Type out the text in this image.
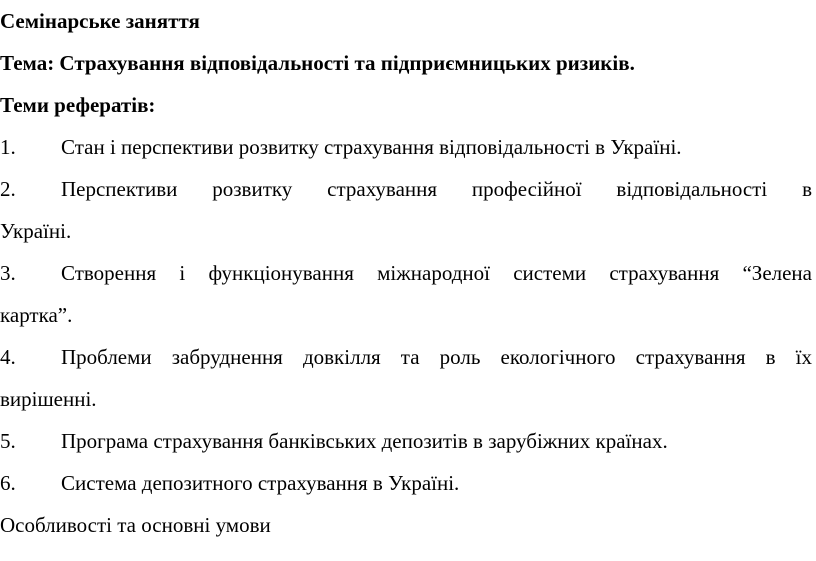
Семінарське заняття
Тема: Страхування відповідальності та підприємницьких ризиків.
Теми рефератів:
1.	Стан і перспективи розвитку страхування відповідальності в Україні.
2.	Перспективи розвитку страхування професійної відповідальності в
Україні.
3.	Створення і функціонування міжнародної системи страхування “Зелена
картка”.
4.	Проблеми забруднення довкілля та роль екологічного страхування в їх
вирішенні.
5.	Програма страхування банківських депозитів в зарубіжних країнах.
6.	Система депозитного страхування в Україні.
Особливості та основні умови
